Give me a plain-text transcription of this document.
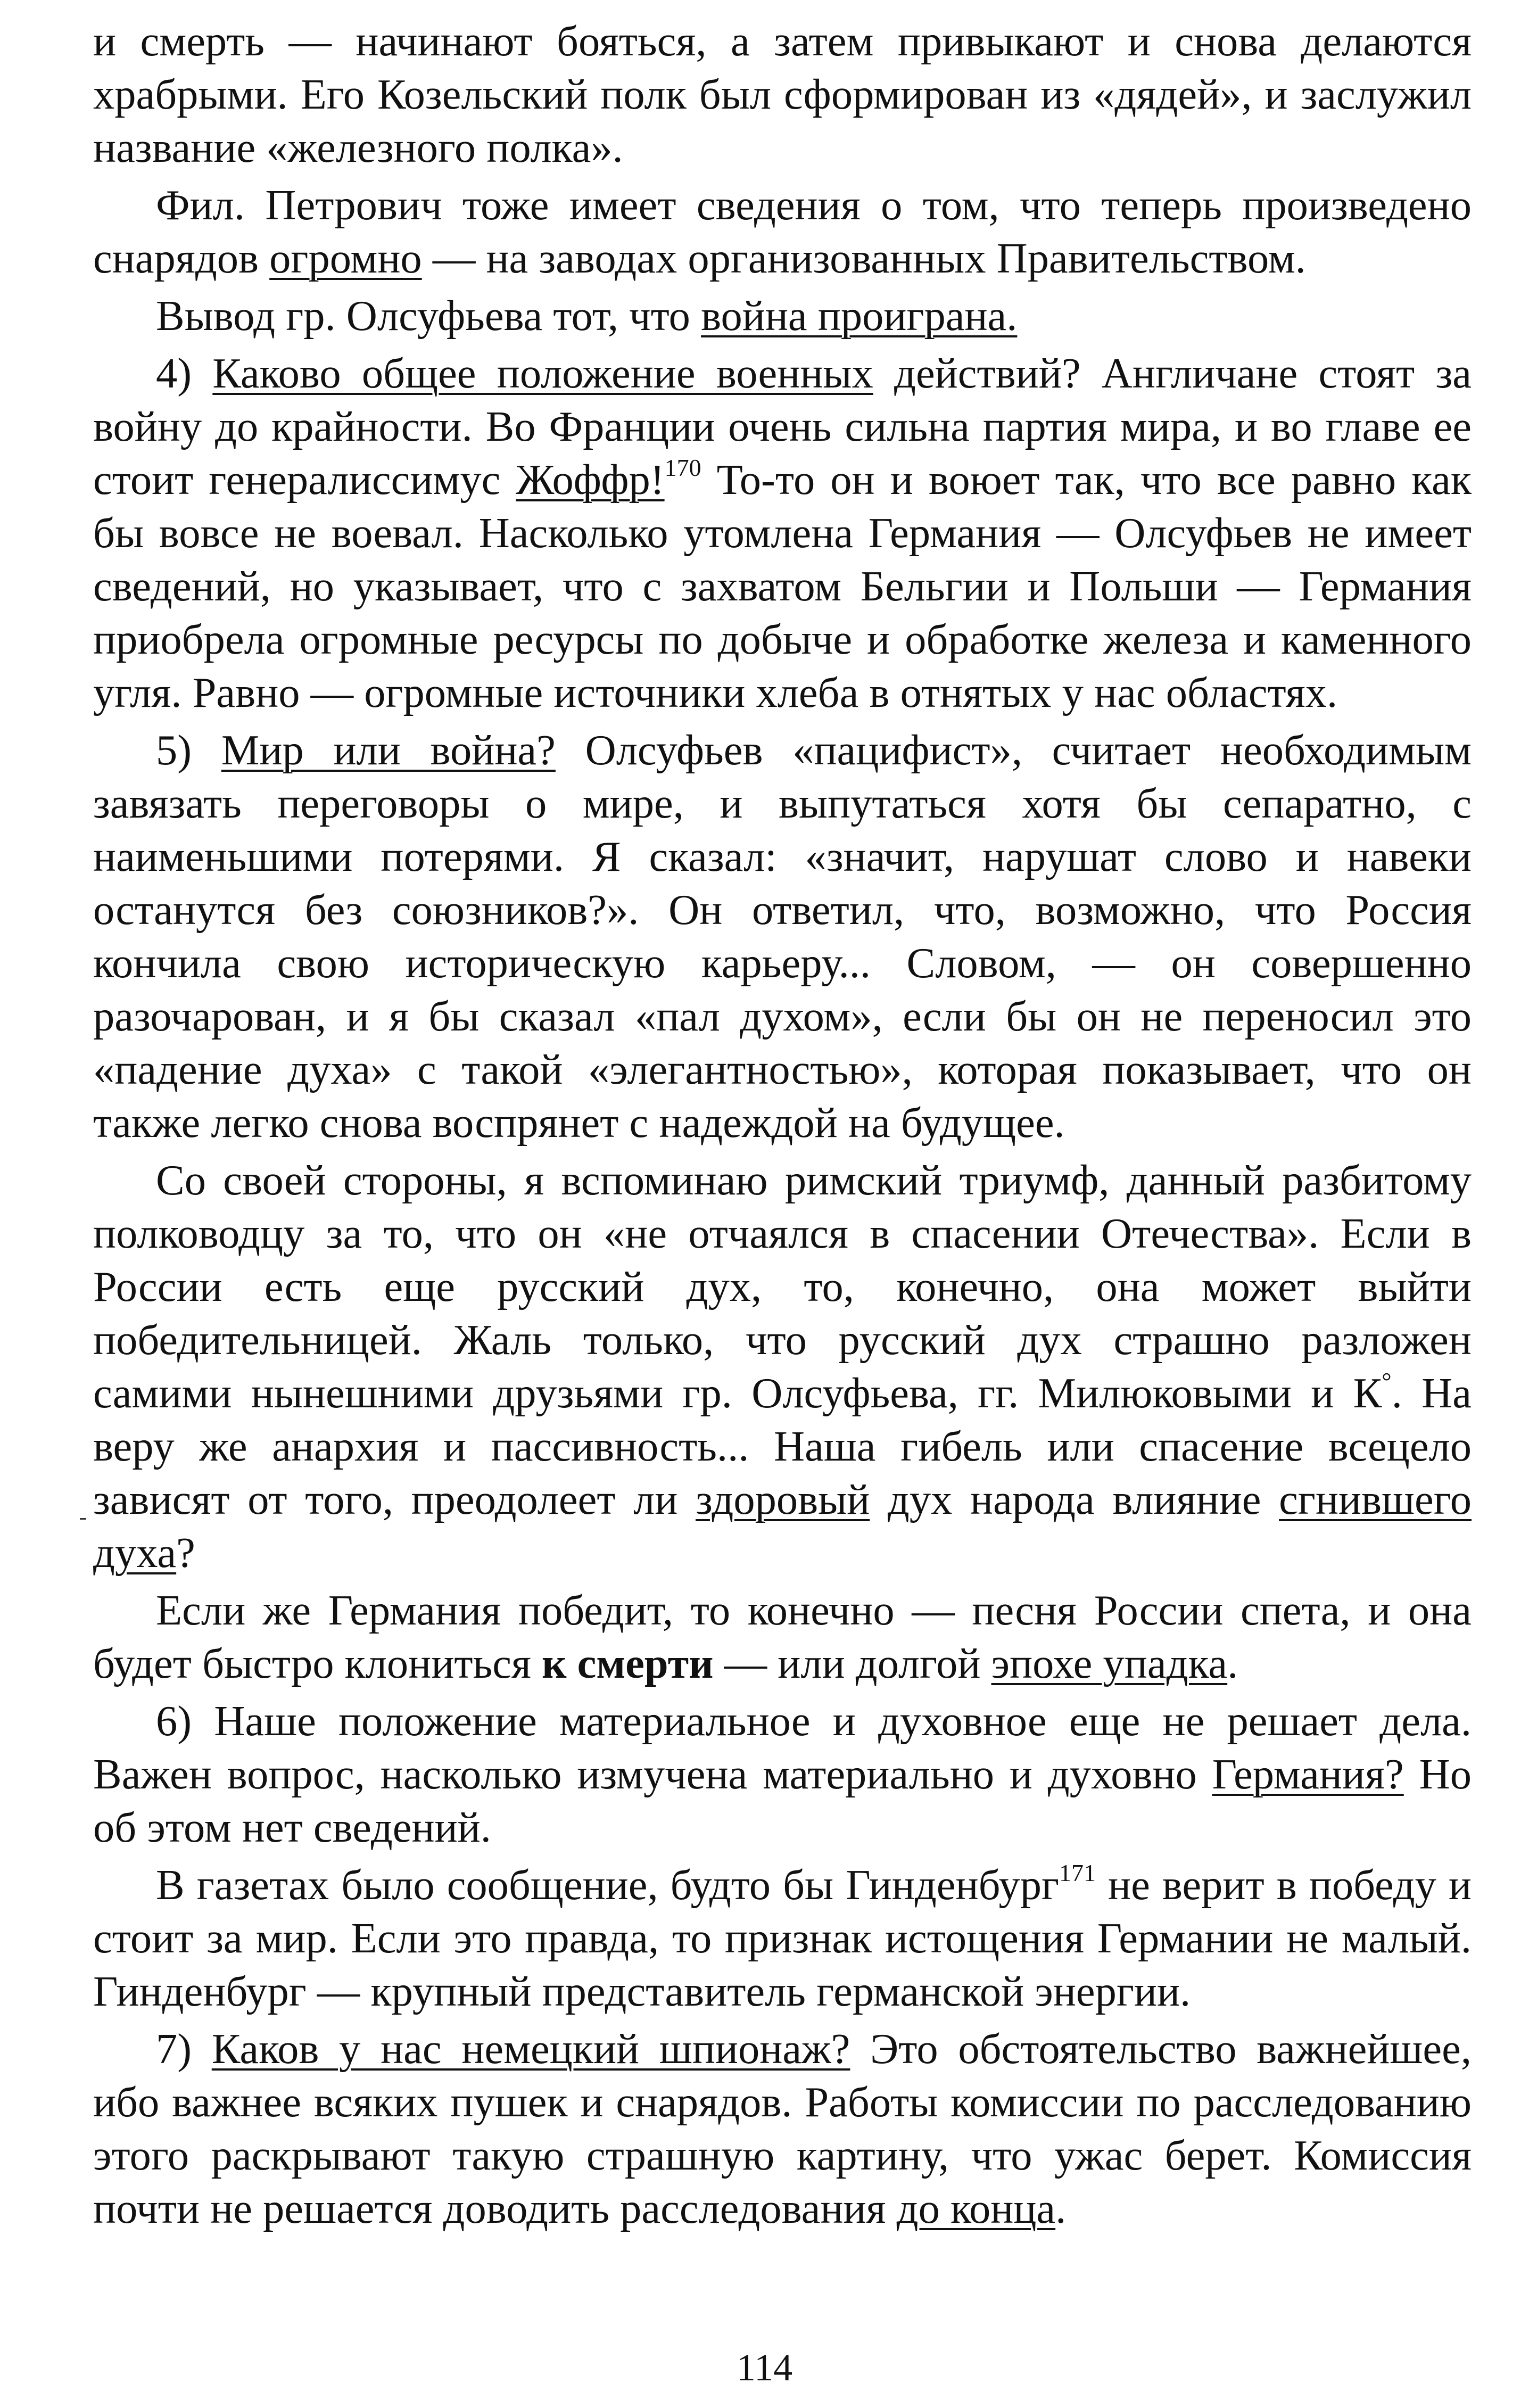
и смерть — начинают бояться, а затем привыкают и снова делаются храбрыми. Его Козельский полк был сформирован из «дядей», и заслужил название «железного полка».

Фил. Петрович тоже имеет сведения о том, что теперь произведено снарядов огромно — на заводах организованных Правительством.

Вывод гр. Олсуфьева тот, что война проиграна.

4) Каково общее положение военных действий? Англичане стоят за войну до крайности. Во Франции очень сильна партия мира, и во главе ее стоит генералиссимус Жоффр!$^{170}$ То-то он и воюет так, что все равно как бы вовсе не воевал. Насколько утомлена Германия — Олсуфьев не имеет сведений, но указывает, что с захватом Бельгии и Польши — Германия приобрела огромные ресурсы по добыче и обработке железа и каменного угля. Равно — огромные источники хлеба в отнятых у нас областях.

5) Мир или война? Олсуфьев «пацифист», считает необходимым завязать переговоры о мире, и выпутаться хотя бы сепаратно, с наименьшими потерями. Я сказал: «значит, нарушат слово и навеки останутся без союзников?». Он ответил, что, возможно, что Россия кончила свою историческую карьеру... Словом, — он совершенно разочарован, и я бы сказал «пал духом», если бы он не переносил это «падение духа» с такой «элегантностью», которая показывает, что он также легко снова воспрянет с надеждой на будущее.

Со своей стороны, я вспоминаю римский триумф, данный разбитому полководцу за то, что он «не отчаялся в спасении Отечества». Если в России есть еще русский дух, то, конечно, она может выйти победительницей. Жаль только, что русский дух страшно разложен самими нынешними друзьями гр. Олсуфьева, гг. Милюковыми и К°. На веру же анархия и пассивность... Наша гибель или спасение всецело зависят от того, преодолеет ли здоровый дух народа влияние сгнившего духа?

Если же Германия победит, то конечно — песня России спета, и она будет быстро клониться к смерти — или долгой эпохе упадка.

6) Наше положение материальное и духовное еще не решает дела. Важен вопрос, насколько измучена материально и духовно Германия? Но об этом нет сведений.

В газетах было сообщение, будто бы Гинденбург$^{171}$ не верит в победу и стоит за мир. Если это правда, то признак истощения Германии не малый. Гинденбург — крупный представитель германской энергии.

7) Каков у нас немецкий шпионаж? Это обстоятельство важнейшее, ибо важнее всяких пушек и снарядов. Работы комиссии по расследованию этого раскрывают такую страшную картину, что ужас берет. Комиссия почти не решается доводить расследования до конца.

114
